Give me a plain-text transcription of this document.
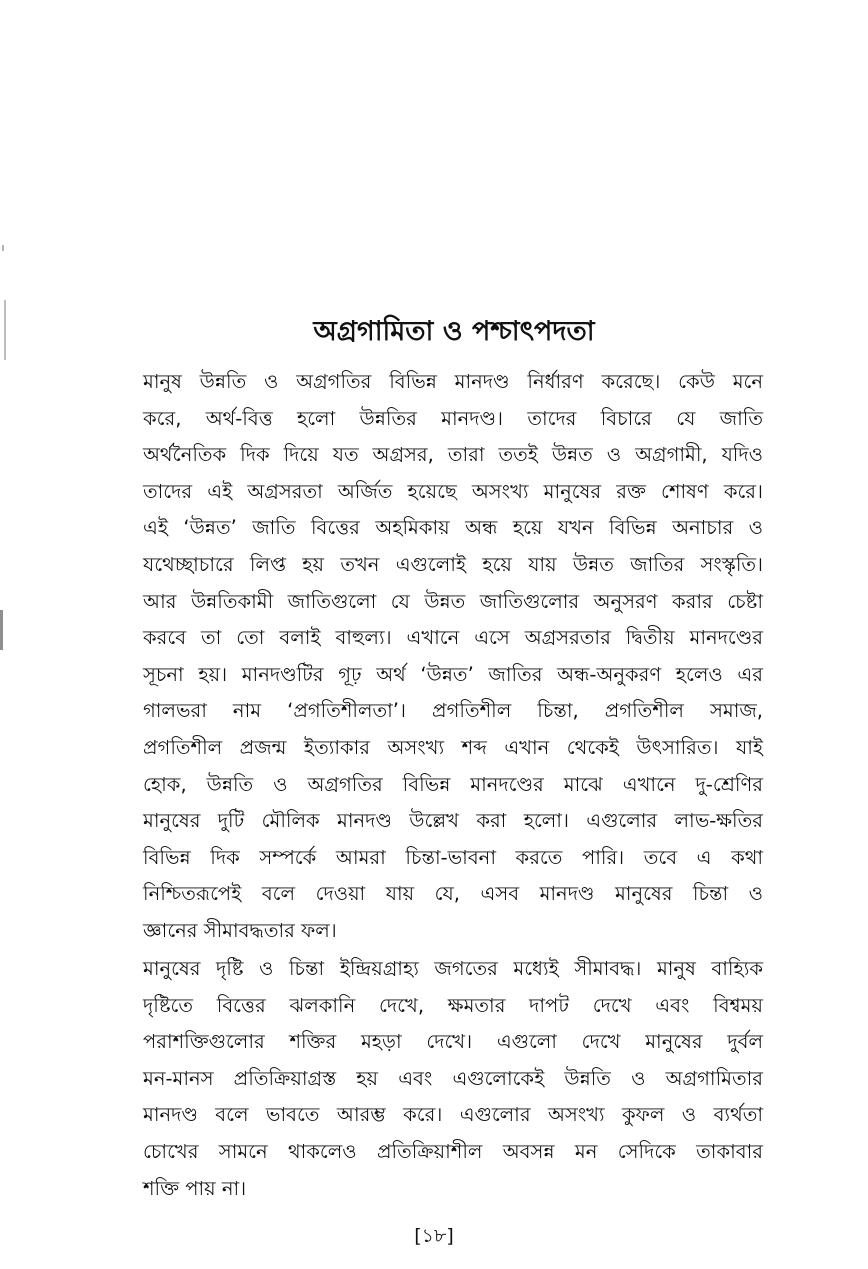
অগ্রগামিতা ও পশ্চাৎপদতা
মানুষ উন্নতি ও অগ্রগতির বিভিন্ন মানদণ্ড নির্ধারণ করেছে। কেউ মনে
করে, অর্থ-বিত্ত হলো উন্নতির মানদণ্ড। তাদের বিচারে যে জাতি
অর্থনৈতিক দিক দিয়ে যত অগ্রসর, তারা ততই উন্নত ও অগ্রগামী, যদিও
তাদের এই অগ্রসরতা অর্জিত হয়েছে অসংখ্য মানুষের রক্ত শোষণ করে।
এই ‘উন্নত’ জাতি বিত্তের অহমিকায় অন্ধ হয়ে যখন বিভিন্ন অনাচার ও
যথেচ্ছাচারে লিপ্ত হয় তখন এগুলোই হয়ে যায় উন্নত জাতির সংস্কৃতি।
আর উন্নতিকামী জাতিগুলো যে উন্নত জাতিগুলোর অনুসরণ করার চেষ্টা
করবে তা তো বলাই বাহুল্য। এখানে এসে অগ্রসরতার দ্বিতীয় মানদণ্ডের
সূচনা হয়। মানদণ্ডটির গূঢ় অর্থ ‘উন্নত’ জাতির অন্ধ-অনুকরণ হলেও এর
গালভরা নাম ‘প্রগতিশীলতা’। প্রগতিশীল চিন্তা, প্রগতিশীল সমাজ,
প্রগতিশীল প্রজন্ম ইত্যাকার অসংখ্য শব্দ এখান থেকেই উৎসারিত। যাই
হোক, উন্নতি ও অগ্রগতির বিভিন্ন মানদণ্ডের মাঝে এখানে দু-শ্রেণির
মানুষের দুটি মৌলিক মানদণ্ড উল্লেখ করা হলো। এগুলোর লাভ-ক্ষতির
বিভিন্ন দিক সম্পর্কে আমরা চিন্তা-ভাবনা করতে পারি। তবে এ কথা
নিশ্চিতরূপেই বলে দেওয়া যায় যে, এসব মানদণ্ড মানুষের চিন্তা ও
জ্ঞানের সীমাবদ্ধতার ফল।
মানুষের দৃষ্টি ও চিন্তা ইন্দ্রিয়গ্রাহ্য জগতের মধ্যেই সীমাবদ্ধ। মানুষ বাহ্যিক
দৃষ্টিতে বিত্তের ঝলকানি দেখে, ক্ষমতার দাপট দেখে এবং বিশ্বময়
পরাশক্তিগুলোর শক্তির মহড়া দেখে। এগুলো দেখে মানুষের দুর্বল
মন-মানস প্রতিক্রিয়াগ্রস্ত হয় এবং এগুলোকেই উন্নতি ও অগ্রগামিতার
মানদণ্ড বলে ভাবতে আরম্ভ করে। এগুলোর অসংখ্য কুফল ও ব্যর্থতা
চোখের সামনে থাকলেও প্রতিক্রিয়াশীল অবসন্ন মন সেদিকে তাকাবার
শক্তি পায় না।
[১৮]
